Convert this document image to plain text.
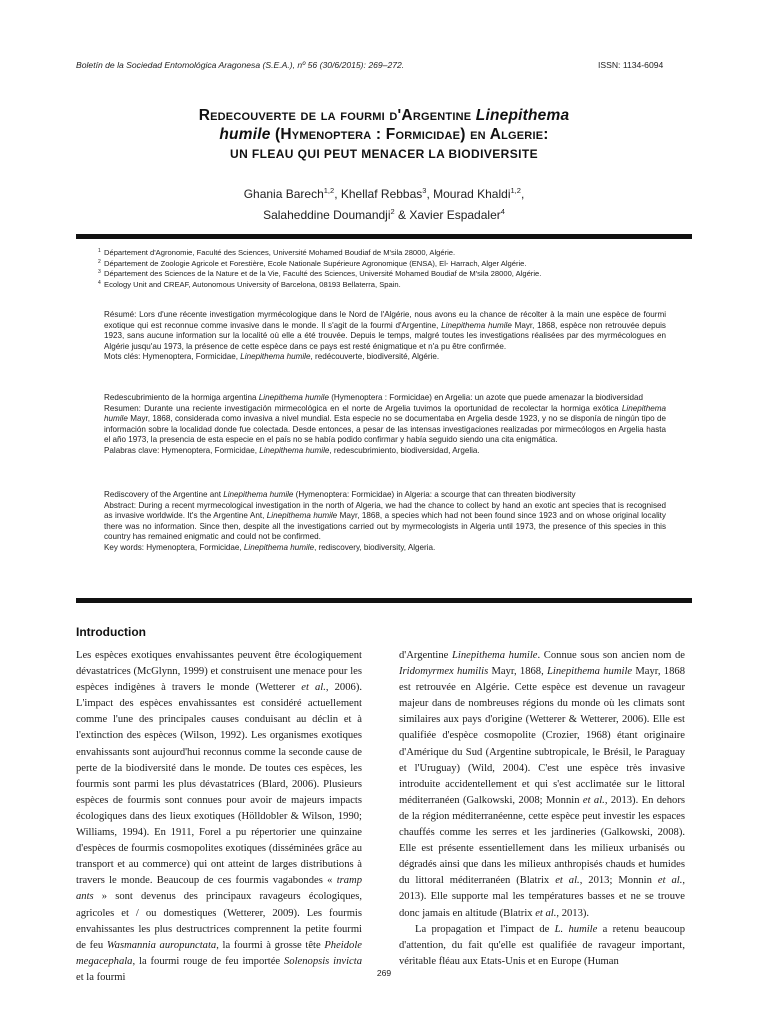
Boletín de la Sociedad Entomológica Aragonesa (S.E.A.), nº 56 (30/6/2015): 269–272.	ISSN: 1134-6094
Redecouverte de la fourmi d'Argentine Linepithema
humile (Hymenoptera : Formicidae) en Algerie:
UN FLEAU QUI PEUT MENACER LA BIODIVERSITE
Ghania Barech$^{1,2}$, Khellaf Rebbas$^3$, Mourad Khaldi$^{1,2}$,
Salaheddine Doumandji$^2$ & Xavier Espadaler$^4$
1 Département d'Agronomie, Faculté des Sciences, Université Mohamed Boudiaf de M'sila 28000, Algérie.
2 Département de Zoologie Agricole et Forestière, Ecole Nationale Supérieure Agronomique (ENSA), El- Harrach, Alger Algérie.
3 Département des Sciences de la Nature et de la Vie, Faculté des Sciences, Université Mohamed Boudiaf de M'sila 28000, Algérie.
4 Ecology Unit and CREAF, Autonomous University of Barcelona, 08193 Bellaterra, Spain.
Résumé: Lors d'une récente investigation myrmécologique dans le Nord de l'Algérie, nous avons eu la chance de récolter à la main une espèce de fourmi exotique qui est reconnue comme invasive dans le monde. Il s'agit de la fourmi d'Argentine, Linepithema humile Mayr, 1868, espèce non retrouvée depuis 1923, sans aucune information sur la localité où elle a été trouvée. Depuis le temps, malgré toutes les investigations réalisées par des myrmécologues en Algérie jusqu'au 1973, la présence de cette espèce dans ce pays est resté énigmatique et n'a pu être confirmée.
Mots clés: Hymenoptera, Formicidae, Linepithema humile, redécouverte, biodiversité, Algérie.
Redescubrimiento de la hormiga argentina Linepithema humile (Hymenoptera : Formicidae) en Argelia: un azote que puede amenazar la biodiversidad
Resumen: Durante una reciente investigación mirmecológica en el norte de Argelia tuvimos la oportunidad de recolectar la hormiga exótica Linepithema humile Mayr, 1868, considerada como invasiva a nivel mundial. Esta especie no se documentaba en Argelia desde 1923, y no se disponía de ningún tipo de información sobre la localidad donde fue colectada. Desde entonces, a pesar de las intensas investigaciones realizadas por mirmecólogos en Argelia hasta el año 1973, la presencia de esta especie en el país no se había podido confirmar y había seguido siendo una cita enigmática.
Palabras clave: Hymenoptera, Formicidae, Linepithema humile, redescubrimiento, biodiversidad, Argelia.
Rediscovery of the Argentine ant Linepithema humile (Hymenoptera: Formicidae) in Algeria: a scourge that can threaten biodiversity
Abstract: During a recent myrmecological investigation in the north of Algeria, we had the chance to collect by hand an exotic ant species that is recognised as invasive worldwide. It's the Argentine Ant, Linepithema humile Mayr, 1868, a species which had not been found since 1923 and on whose original locality there was no information. Since then, despite all the investigations carried out by myrmecologists in Algeria until 1973, the presence of this species in this country has remained enigmatic and could not be confirmed.
Key words: Hymenoptera, Formicidae, Linepithema humile, rediscovery, biodiversity, Algeria.
Introduction

Les espèces exotiques envahissantes peuvent être écologiquement dévastatrices (McGlynn, 1999) et construisent une menace pour les espèces indigènes à travers le monde (Wetterer et al., 2006). L'impact des espèces envahissantes est considéré actuellement comme l'une des principales causes conduisant au déclin et à l'extinction des espèces (Wilson, 1992). Les organismes exotiques envahissants sont aujourd'hui reconnus comme la seconde cause de perte de la biodiversité dans le monde. De toutes ces espèces, les fourmis sont parmi les plus dévastatrices (Blard, 2006). Plusieurs espèces de fourmis sont connues pour avoir de majeurs impacts écologiques dans des lieux exotiques (Hölldobler & Wilson, 1990; Williams, 1994). En 1911, Forel a pu répertorier une quinzaine d'espèces de fourmis cosmopolites exotiques (disséminées grâce au transport et au commerce) qui ont atteint de larges distributions à travers le monde. Beaucoup de ces fourmis vagabondes « tramp ants » sont devenus des principaux ravageurs écologiques, agricoles et / ou domestiques (Wetterer, 2009). Les fourmis envahissantes les plus destructrices comprennent la petite fourmi de feu Wasmannia auropunctata, la fourmi à grosse tête Pheidole megacephala, la fourmi rouge de feu importée Solenopsis invicta et la fourmi

d'Argentine Linepithema humile. Connue sous son ancien nom de Iridomyrmex humilis Mayr, 1868, Linepithema humile Mayr, 1868 est retrouvée en Algérie. Cette espèce est devenue un ravageur majeur dans de nombreuses régions du monde où les climats sont similaires aux pays d'origine (Wetterer & Wetterer, 2006). Elle est qualifiée d'espèce cosmopolite (Crozier, 1968) étant originaire d'Amérique du Sud (Argentine subtropicale, le Brésil, le Paraguay et l'Uruguay) (Wild, 2004). C'est une espèce très invasive introduite accidentellement et qui s'est acclimatée sur le littoral méditerranéen (Galkowski, 2008; Monnin et al., 2013). En dehors de la région méditerranéenne, cette espèce peut investir les espaces chauffés comme les serres et les jardineries (Galkowski, 2008). Elle est présente essentiellement dans les milieux urbanisés ou dégradés ainsi que dans les milieux anthropisés chauds et humides du littoral méditerranéen (Blatrix et al., 2013; Monnin et al., 2013). Elle supporte mal les températures basses et ne se trouve donc jamais en altitude (Blatrix et al., 2013).

La propagation et l'impact de L. humile a retenu beaucoup d'attention, du fait qu'elle est qualifiée de ravageur important, véritable fléau aux Etats-Unis et en Europe (Human

269
